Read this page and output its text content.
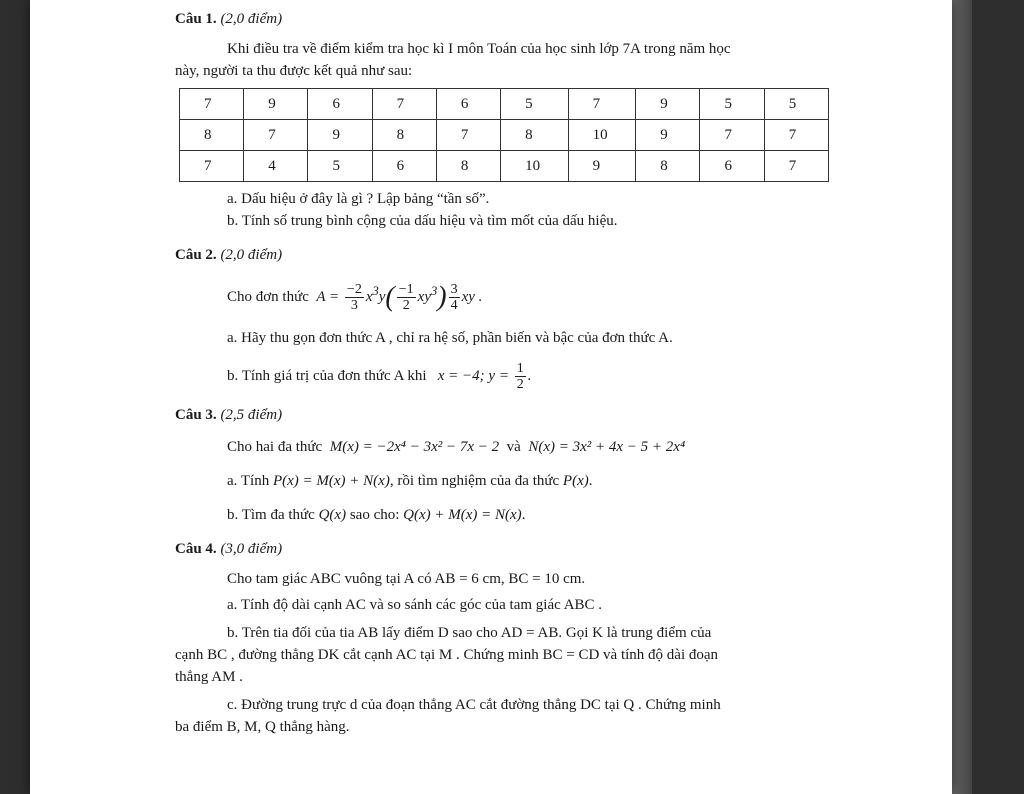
Câu 1. (2,0 điểm)

Khi điều tra về điểm kiểm tra học kì I môn Toán của học sinh lớp 7A trong năm học

này, người ta thu được kết quả như sau:

7	9	6	7	6	5	7	9	5	5
8	7	9	8	7	8	10	9	7	7
7	4	5	6	8	10	9	8	6	7

a. Dấu hiệu ở đây là gì ? Lập bảng “tần số”.

b. Tính số trung bình cộng của dấu hiệu và tìm mốt của dấu hiệu.

Câu 2. (2,0 điểm)

Cho đơn thức  $A = \frac{-2}{3} x^3y( \frac{-1}{2} xy^3) \frac{3}{4}$ xy .

a. Hãy thu gọn đơn thức A , chỉ ra hệ số, phần biến và bậc của đơn thức A.

b. Tính giá trị của đơn thức A khi   x = −4; $y = \frac{1}{2}$ .

Câu 3. (2,5 điểm)

Cho hai đa thức M(x) = −2x⁴ − 3x² − 7x − 2 và N(x) = 3x² + 4x − 5 + 2x⁴

a. Tính P(x) = M(x) + N(x), rồi tìm nghiệm của đa thức P(x).

b. Tìm đa thức Q(x) sao cho: Q(x) + M(x) = N(x).

Câu 4. (3,0 điểm)

Cho tam giác ABC vuông tại A có AB = 6 cm, BC = 10 cm.

a. Tính độ dài cạnh AC và so sánh các góc của tam giác ABC .

b. Trên tia đối của tia AB lấy điểm D sao cho AD = AB. Gọi K là trung điểm của

cạnh BC , đường thẳng DK cắt cạnh AC tại M . Chứng minh BC = CD và tính độ dài đoạn

thẳng AM .

c. Đường trung trực d của đoạn thẳng AC cắt đường thẳng DC tại Q . Chứng minh

ba điểm B, M, Q thẳng hàng.
